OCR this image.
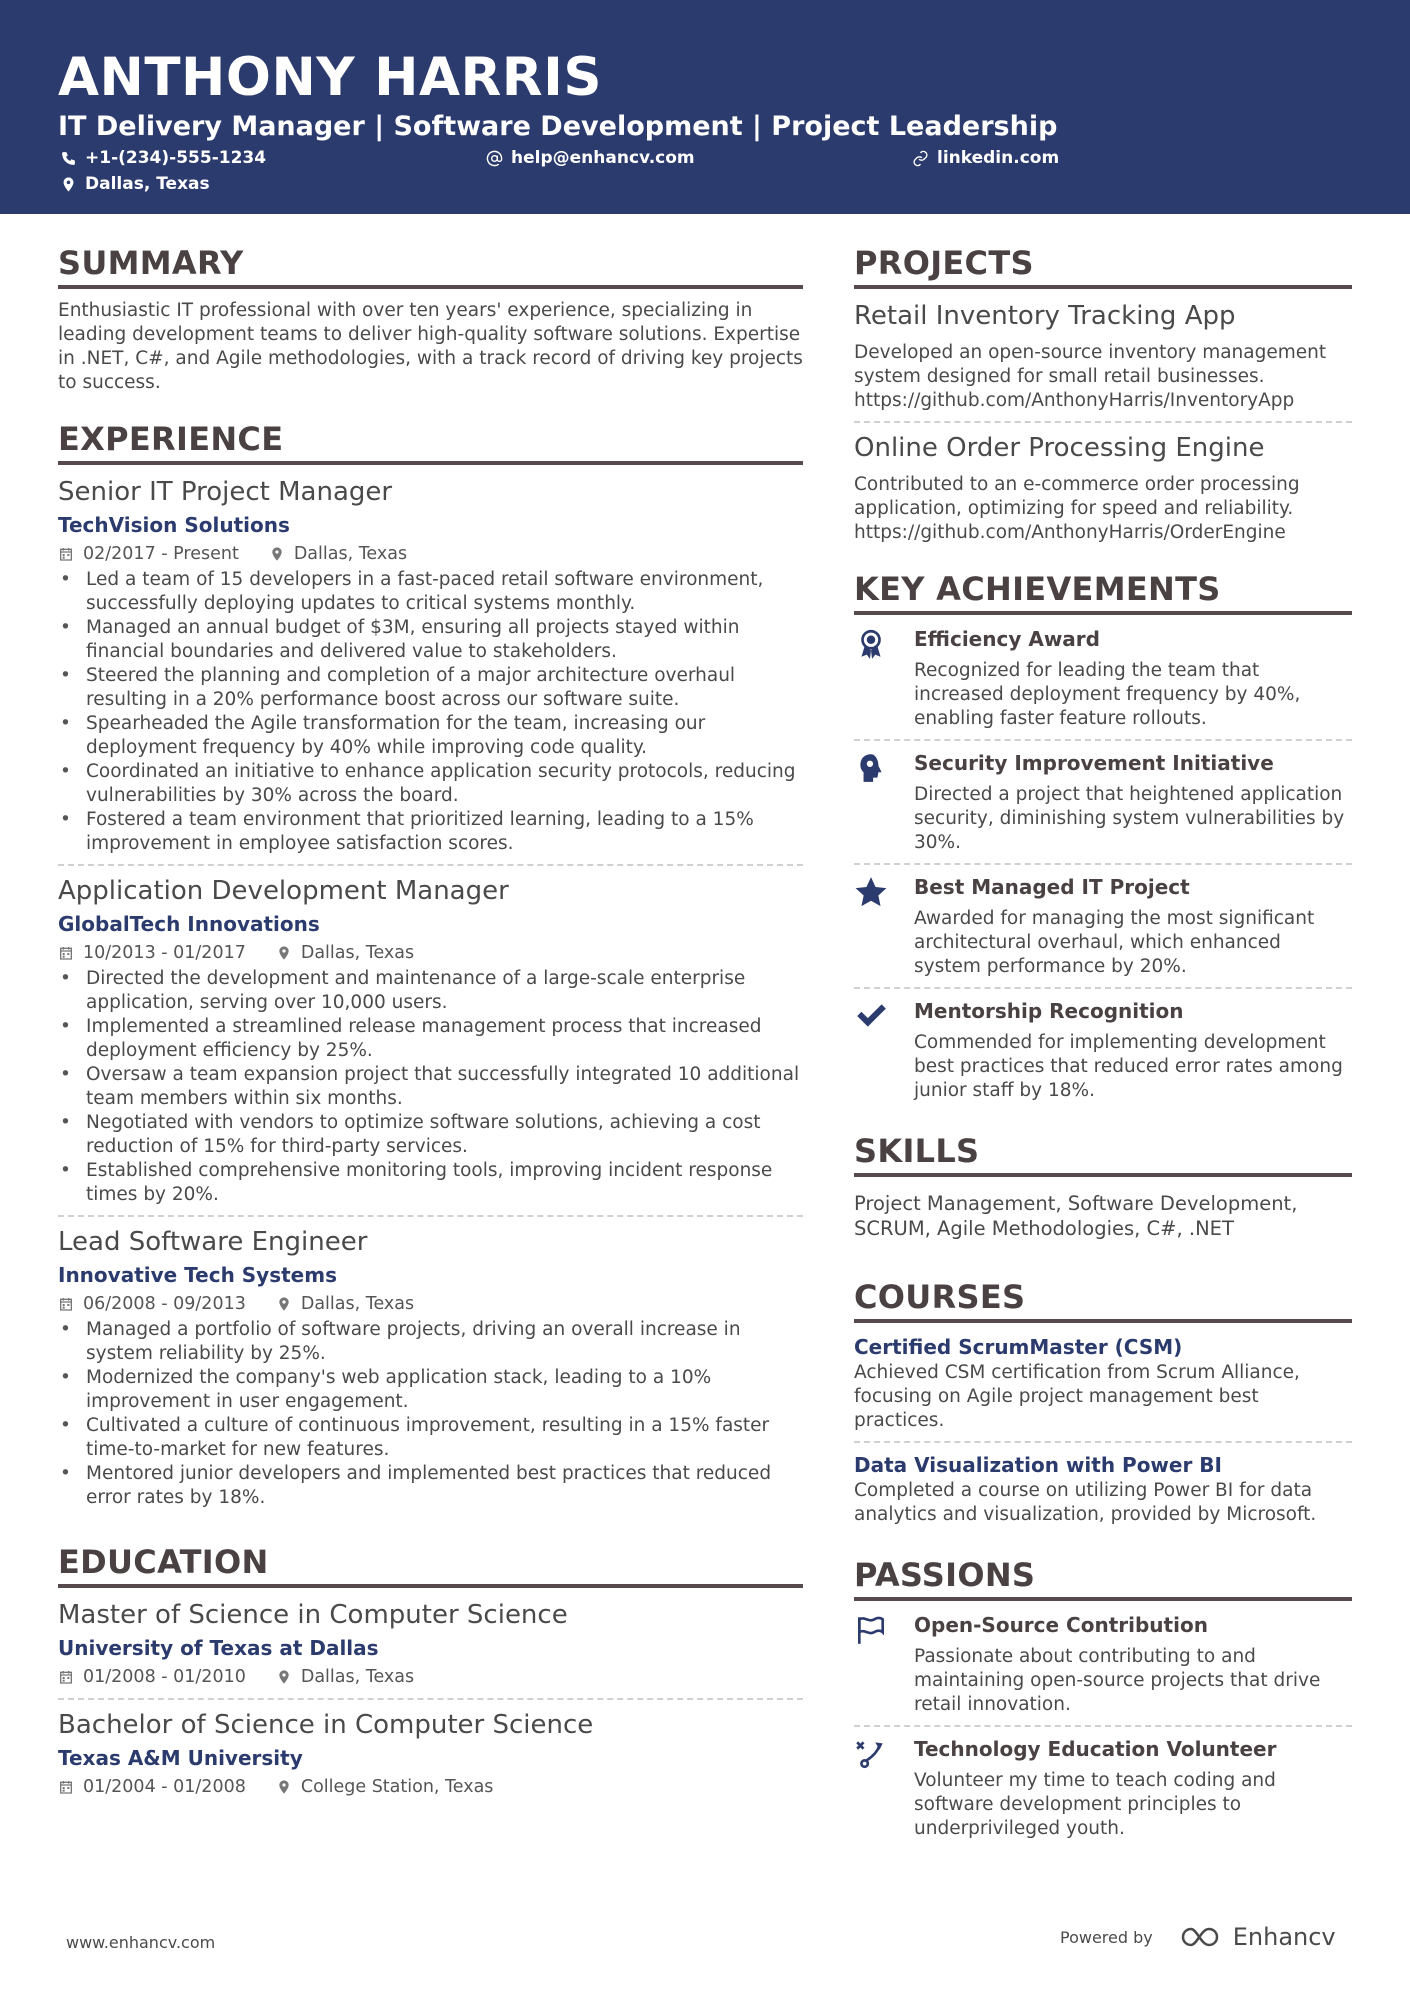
ANTHONY HARRIS
IT Delivery Manager | Software Development | Project Leadership
+1-(234)-555-1234	help@enhancv.com	linkedin.com
Dallas, Texas
SUMMARY
Enthusiastic IT professional with over ten years' experience, specializing in leading development teams to deliver high-quality software solutions. Expertise in .NET, C#, and Agile methodologies, with a track record of driving key projects to success.
EXPERIENCE
Senior IT Project Manager
TechVision Solutions
02/2017 - Present	Dallas, Texas
• Led a team of 15 developers in a fast-paced retail software environment, successfully deploying updates to critical systems monthly.
• Managed an annual budget of $3M, ensuring all projects stayed within financial boundaries and delivered value to stakeholders.
• Steered the planning and completion of a major architecture overhaul resulting in a 20% performance boost across our software suite.
• Spearheaded the Agile transformation for the team, increasing our deployment frequency by 40% while improving code quality.
• Coordinated an initiative to enhance application security protocols, reducing vulnerabilities by 30% across the board.
• Fostered a team environment that prioritized learning, leading to a 15% improvement in employee satisfaction scores.
Application Development Manager
GlobalTech Innovations
10/2013 - 01/2017	Dallas, Texas
• Directed the development and maintenance of a large-scale enterprise application, serving over 10,000 users.
• Implemented a streamlined release management process that increased deployment efficiency by 25%.
• Oversaw a team expansion project that successfully integrated 10 additional team members within six months.
• Negotiated with vendors to optimize software solutions, achieving a cost reduction of 15% for third-party services.
• Established comprehensive monitoring tools, improving incident response times by 20%.
Lead Software Engineer
Innovative Tech Systems
06/2008 - 09/2013	Dallas, Texas
• Managed a portfolio of software projects, driving an overall increase in system reliability by 25%.
• Modernized the company's web application stack, leading to a 10% improvement in user engagement.
• Cultivated a culture of continuous improvement, resulting in a 15% faster time-to-market for new features.
• Mentored junior developers and implemented best practices that reduced error rates by 18%.
EDUCATION
Master of Science in Computer Science
University of Texas at Dallas
01/2008 - 01/2010	Dallas, Texas
Bachelor of Science in Computer Science
Texas A&M University
01/2004 - 01/2008	College Station, Texas
PROJECTS
Retail Inventory Tracking App
Developed an open-source inventory management system designed for small retail businesses.
https://github.com/AnthonyHarris/InventoryApp
Online Order Processing Engine
Contributed to an e-commerce order processing application, optimizing for speed and reliability.
https://github.com/AnthonyHarris/OrderEngine
KEY ACHIEVEMENTS
Efficiency Award
Recognized for leading the team that increased deployment frequency by 40%, enabling faster feature rollouts.
Security Improvement Initiative
Directed a project that heightened application security, diminishing system vulnerabilities by 30%.
Best Managed IT Project
Awarded for managing the most significant architectural overhaul, which enhanced system performance by 20%.
Mentorship Recognition
Commended for implementing development best practices that reduced error rates among junior staff by 18%.
SKILLS
Project Management, Software Development, SCRUM, Agile Methodologies, C#, .NET
COURSES
Certified ScrumMaster (CSM)
Achieved CSM certification from Scrum Alliance, focusing on Agile project management best practices.
Data Visualization with Power BI
Completed a course on utilizing Power BI for data analytics and visualization, provided by Microsoft.
PASSIONS
Open-Source Contribution
Passionate about contributing to and maintaining open-source projects that drive retail innovation.
Technology Education Volunteer
Volunteer my time to teach coding and software development principles to underprivileged youth.
www.enhancv.com	Powered by	Enhancv
